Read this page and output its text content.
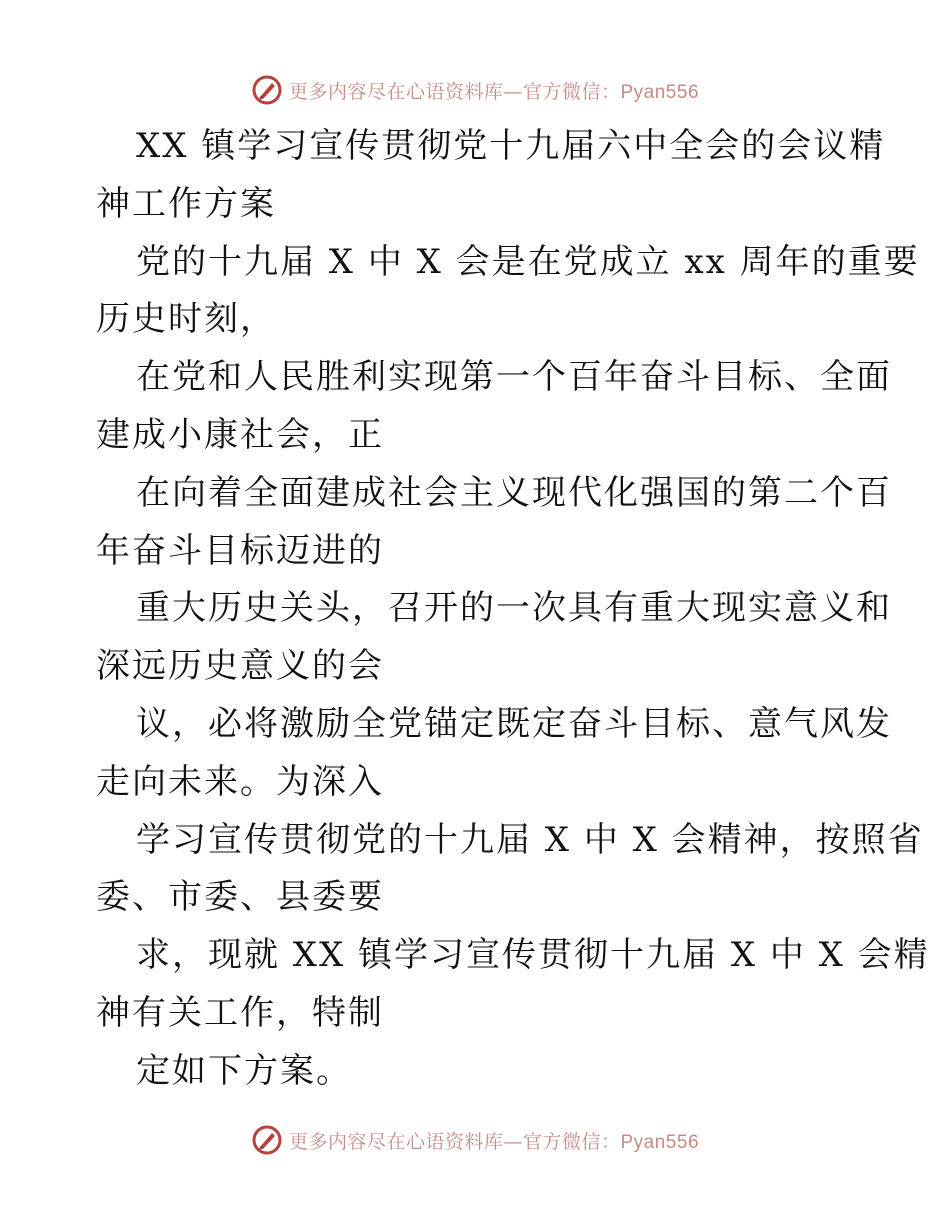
更多内容尽在心语资料库—官方微信：Pyan556
XX 镇学习宣传贯彻党十九届六中全会的会议精
神工作方案
党的十九届 X 中 X 会是在党成立 xx 周年的重要
历史时刻，
在党和人民胜利实现第一个百年奋斗目标、全面
建成小康社会，正
在向着全面建成社会主义现代化强国的第二个百
年奋斗目标迈进的
重大历史关头，召开的一次具有重大现实意义和
深远历史意义的会
议，必将激励全党锚定既定奋斗目标、意气风发
走向未来。为深入
学习宣传贯彻党的十九届 X 中 X 会精神，按照省
委、市委、县委要
求，现就 XX 镇学习宣传贯彻十九届 X 中 X 会精
神有关工作，特制
定如下方案。
更多内容尽在心语资料库—官方微信：Pyan556
